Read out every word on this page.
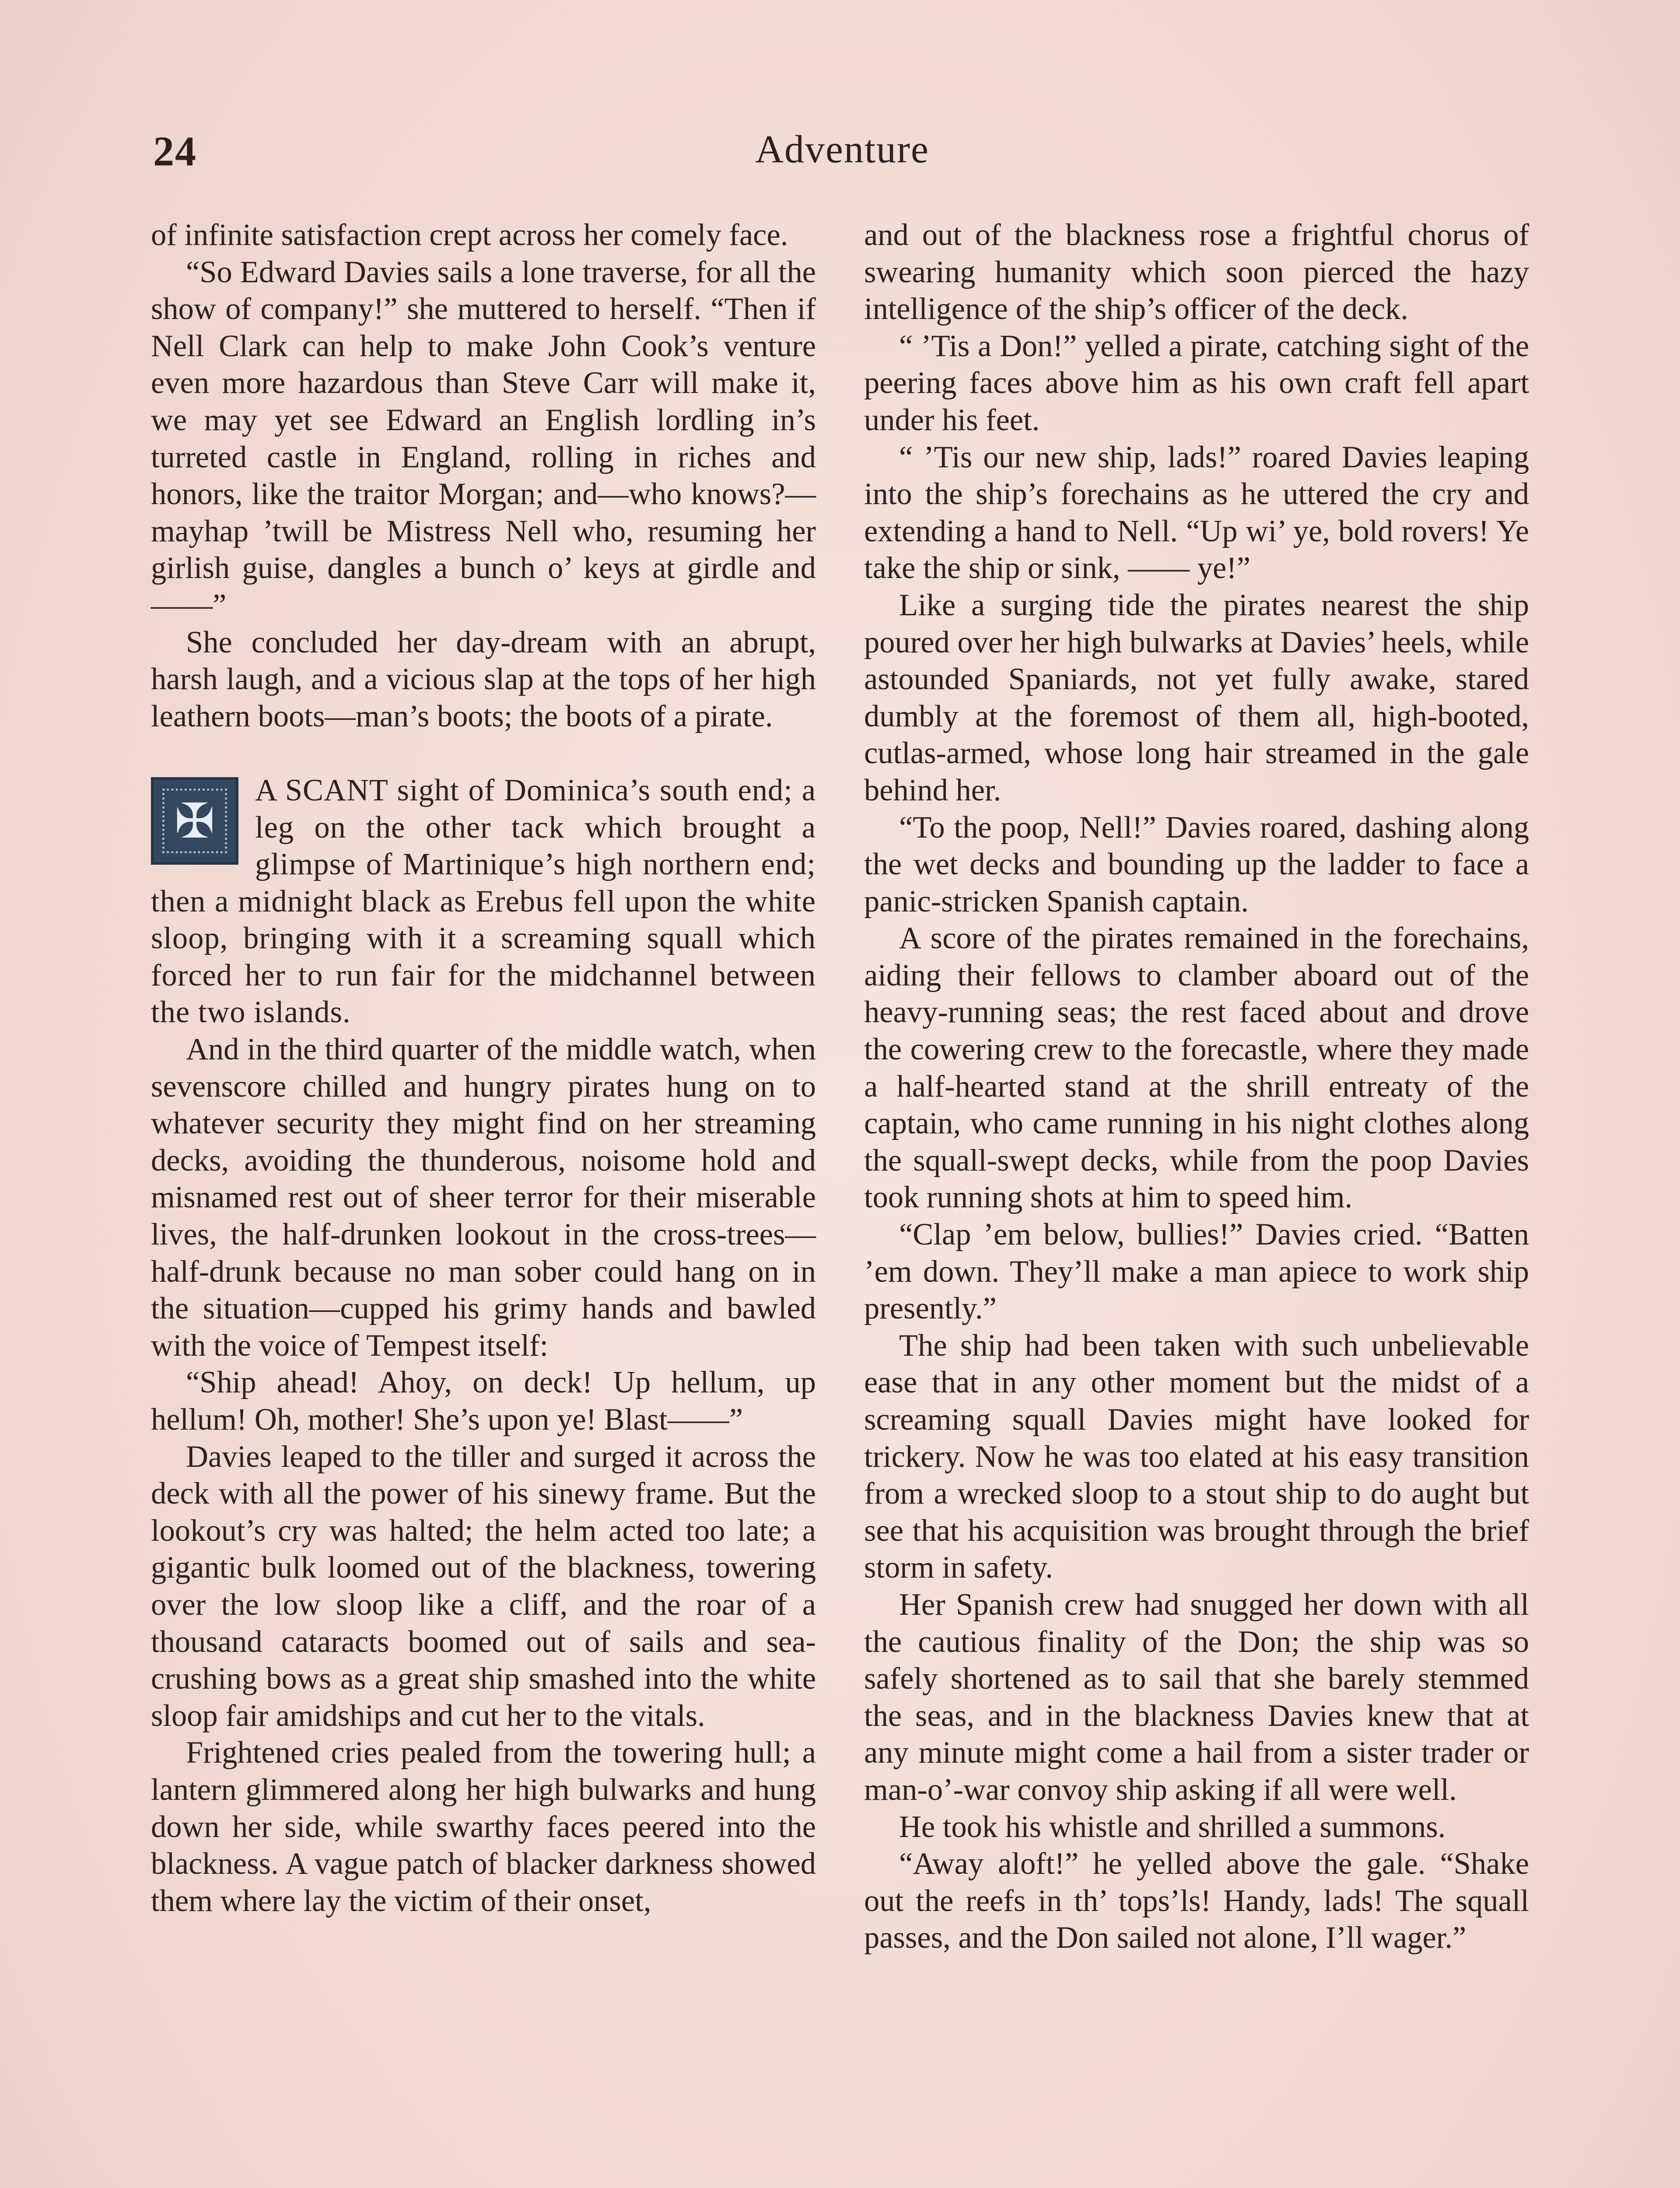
24	Adventure

of infinite satisfaction crept across her comely face.

“So Edward Davies sails a lone traverse, for all the show of company!” she muttered to herself. “Then if Nell Clark can help to make John Cook’s venture even more hazardous than Steve Carr will make it, we may yet see Edward an English lordling in’s turreted castle in England, rolling in riches and honors, like the traitor Morgan; and—who knows?—mayhap ’twill be Mistress Nell who, resuming her girlish guise, dangles a bunch o’ keys at girdle and——”

She concluded her day-dream with an abrupt, harsh laugh, and a vicious slap at the tops of her high leathern boots—man’s boots; the boots of a pirate.

✠
A SCANT sight of Dominica’s south end; a leg on the other tack which brought a glimpse of Martinique’s high northern end; then a midnight black as Erebus fell upon the white sloop, bringing with it a screaming squall which forced her to run fair for the midchannel between the two islands.

And in the third quarter of the middle watch, when sevenscore chilled and hungry pirates hung on to whatever security they might find on her streaming decks, avoiding the thunderous, noisome hold and misnamed rest out of sheer terror for their miserable lives, the half-drunken lookout in the cross-trees—half-drunk because no man sober could hang on in the situation—cupped his grimy hands and bawled with the voice of Tempest itself:

“Ship ahead! Ahoy, on deck! Up hellum, up hellum! Oh, mother! She’s upon ye! Blast——”

Davies leaped to the tiller and surged it across the deck with all the power of his sinewy frame. But the lookout’s cry was halted; the helm acted too late; a gigantic bulk loomed out of the blackness, towering over the low sloop like a cliff, and the roar of a thousand cataracts boomed out of sails and sea-crushing bows as a great ship smashed into the white sloop fair amidships and cut her to the vitals.

Frightened cries pealed from the towering hull; a lantern glimmered along her high bulwarks and hung down her side, while swarthy faces peered into the blackness. A vague patch of blacker darkness showed them where lay the victim of their onset,

and out of the blackness rose a frightful chorus of swearing humanity which soon pierced the hazy intelligence of the ship’s officer of the deck.

“ ’Tis a Don!” yelled a pirate, catching sight of the peering faces above him as his own craft fell apart under his feet.

“ ’Tis our new ship, lads!” roared Davies leaping into the ship’s forechains as he uttered the cry and extending a hand to Nell. “Up wi’ ye, bold rovers! Ye take the ship or sink, —— ye!”

Like a surging tide the pirates nearest the ship poured over her high bulwarks at Davies’ heels, while astounded Spaniards, not yet fully awake, stared dumbly at the foremost of them all, high-booted, cutlas-armed, whose long hair streamed in the gale behind her.

“To the poop, Nell!” Davies roared, dashing along the wet decks and bounding up the ladder to face a panic-stricken Spanish captain.

A score of the pirates remained in the forechains, aiding their fellows to clamber aboard out of the heavy-running seas; the rest faced about and drove the cowering crew to the forecastle, where they made a half-hearted stand at the shrill entreaty of the captain, who came running in his night clothes along the squall-swept decks, while from the poop Davies took running shots at him to speed him.

“Clap ’em below, bullies!” Davies cried. “Batten ’em down. They’ll make a man apiece to work ship presently.”

The ship had been taken with such unbelievable ease that in any other moment but the midst of a screaming squall Davies might have looked for trickery. Now he was too elated at his easy transition from a wrecked sloop to a stout ship to do aught but see that his acquisition was brought through the brief storm in safety.

Her Spanish crew had snugged her down with all the cautious finality of the Don; the ship was so safely shortened as to sail that she barely stemmed the seas, and in the blackness Davies knew that at any minute might come a hail from a sister trader or man-o’-war convoy ship asking if all were well.

He took his whistle and shrilled a summons.

“Away aloft!” he yelled above the gale. “Shake out the reefs in th’ tops’ls! Handy, lads! The squall passes, and the Don sailed not alone, I’ll wager.”
